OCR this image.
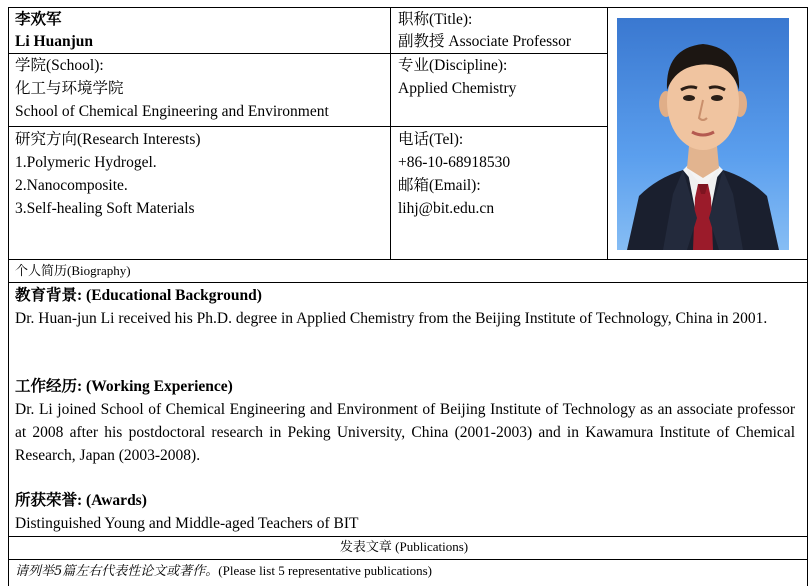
李欢军
Li Huanjun
职称(Title):
副教授 Associate Professor
学院(School):
化工与环境学院
School of Chemical Engineering and Environment
专业(Discipline):
Applied Chemistry
研究方向(Research Interests)
1.Polymeric Hydrogel.
2.Nanocomposite.
3.Self-healing Soft Materials
电话(Tel):
+86-10-68918530
邮箱(Email):
lihj@bit.edu.cn
个人简历(Biography)
教育背景: (Educational Background)
Dr. Huan-jun Li received his Ph.D. degree in Applied Chemistry from the Beijing Institute of Technology, China in 2001.
工作经历: (Working Experience)
Dr. Li joined School of Chemical Engineering and Environment of Beijing Institute of Technology as an associate professor at 2008 after his postdoctoral research in Peking University, China (2001-2003) and in Kawamura Institute of Chemical Research, Japan (2003-2008).
所获荣誉: (Awards)
Distinguished Young and Middle-aged Teachers of BIT
发表文章 (Publications)
请列举5篇左右代表性论文或著作。(Please list 5 representative publications)
